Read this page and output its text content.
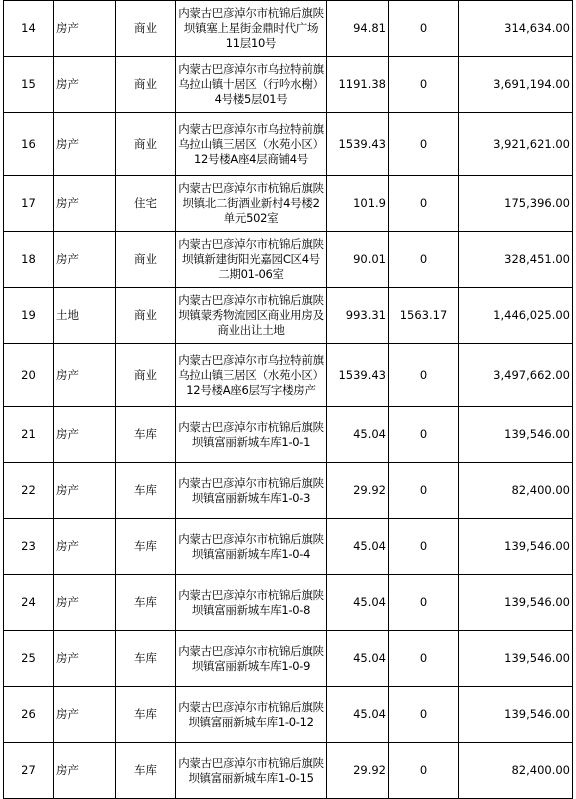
14	房产	商业	内蒙古巴彦淖尔市杭锦后旗陕坝镇塞上星街金鼎时代广场11层10号	94.81	0	314,634.00
15	房产	商业	内蒙古巴彦淖尔市乌拉特前旗乌拉山镇十居区（行吟水榭）4号楼5层01号	1191.38	0	3,691,194.00
16	房产	商业	内蒙古巴彦淖尔市乌拉特前旗乌拉山镇三居区（水苑小区）12号楼A座4层商铺4号	1539.43	0	3,921,621.00
17	房产	住宅	内蒙古巴彦淖尔市杭锦后旗陕坝镇北二街酒业新村4号楼2单元502室	101.9	0	175,396.00
18	房产	商业	内蒙古巴彦淖尔市杭锦后旗陕坝镇新建街阳光嘉园C区4号二期01-06室	90.01	0	328,451.00
19	土地	商业	内蒙古巴彦淖尔市杭锦后旗陕坝镇蒙秀物流园区商业用房及商业出让土地	993.31	1563.17	1,446,025.00
20	房产	商业	内蒙古巴彦淖尔市乌拉特前旗乌拉山镇三居区（水苑小区）12号楼A座6层写字楼房产	1539.43	0	3,497,662.00
21	房产	车库	内蒙古巴彦淖尔市杭锦后旗陕坝镇富丽新城车库1-0-1	45.04	0	139,546.00
22	房产	车库	内蒙古巴彦淖尔市杭锦后旗陕坝镇富丽新城车库1-0-3	29.92	0	82,400.00
23	房产	车库	内蒙古巴彦淖尔市杭锦后旗陕坝镇富丽新城车库1-0-4	45.04	0	139,546.00
24	房产	车库	内蒙古巴彦淖尔市杭锦后旗陕坝镇富丽新城车库1-0-8	45.04	0	139,546.00
25	房产	车库	内蒙古巴彦淖尔市杭锦后旗陕坝镇富丽新城车库1-0-9	45.04	0	139,546.00
26	房产	车库	内蒙古巴彦淖尔市杭锦后旗陕坝镇富丽新城车库1-0-12	45.04	0	139,546.00
27	房产	车库	内蒙古巴彦淖尔市杭锦后旗陕坝镇富丽新城车库1-0-15	29.92	0	82,400.00
